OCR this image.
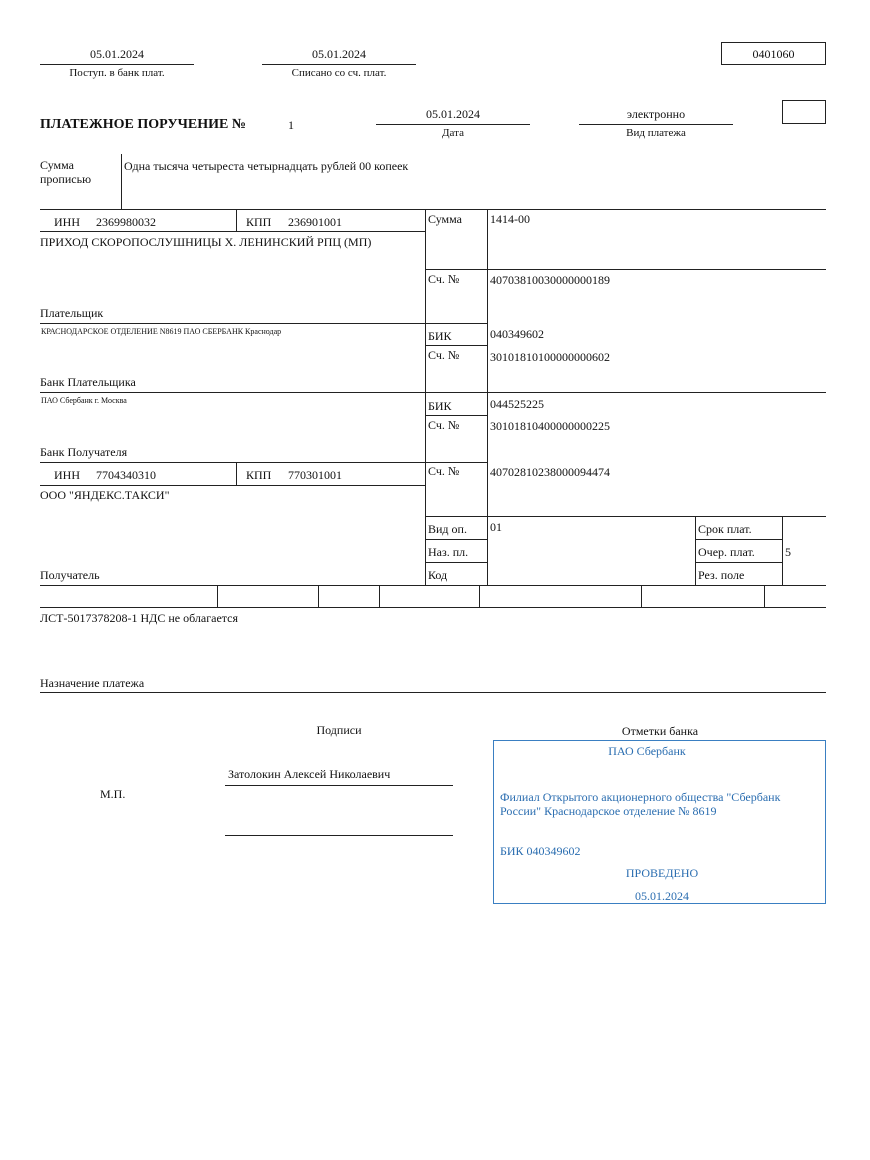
05.01.2024
Поступ. в банк плат.
05.01.2024
Списано со сч. плат.
0401060
ПЛАТЕЖНОЕ ПОРУЧЕНИЕ №	1
05.01.2024
Дата
электронно
Вид платежа
Сумма
прописью
Одна тысяча четыреста четырнадцать рублей 00 копеек
ИНН 2369980032	КПП 236901001
ПРИХОД СКОРОПОСЛУШНИЦЫ Х. ЛЕНИНСКИЙ РПЦ (МП)
Плательщик
Сумма 1414-00
Сч. №	40703810030000000189
КРАСНОДАРСКОЕ ОТДЕЛЕНИЕ N8619 ПАО СБЕРБАНК Краснодар
Банк Плательщика
БИК	040349602
Сч. №	30101810100000000602
ПАО Сбербанк г. Москва
Банк Получателя
БИК	044525225
Сч. №	30101810400000000225
ИНН 7704340310	КПП 770301001
ООО "ЯНДЕКС.ТАКСИ"
Получатель
Сч. №	40702810238000094474
Вид оп. 01
Наз. пл.
Код
Срок плат.
Очер. плат.	5
Рез. поле
ЛСТ-5017378208-1 НДС не облагается
Назначение платежа
Подписи
М.П.
Затолокин Алексей Николаевич
Отметки банка
ПАО Сбербанк
Филиал Открытого акционерного общества "Сбербанк
России" Краснодарское отделение № 8619
БИК 040349602
ПРОВЕДЕНО
05.01.2024
